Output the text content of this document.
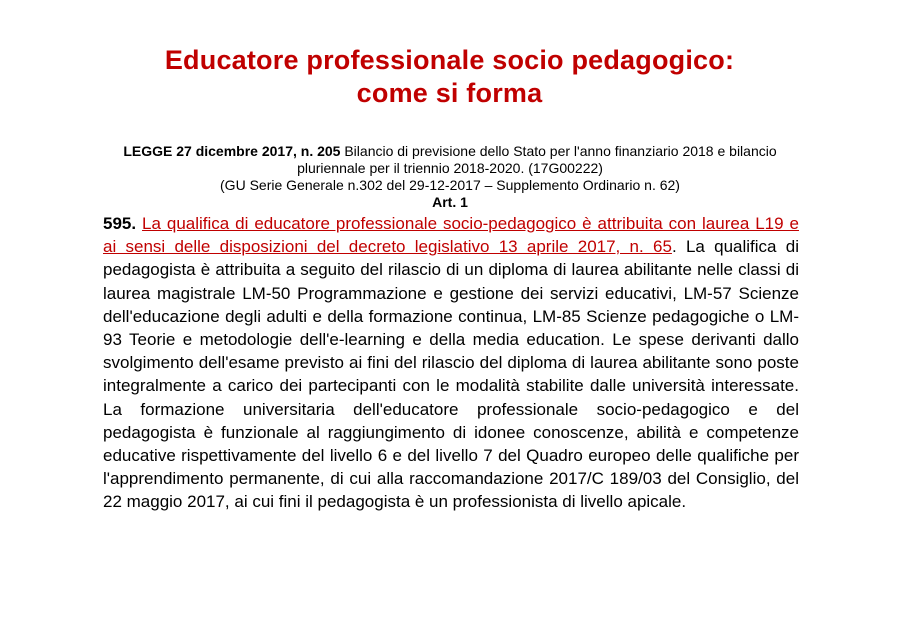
Educatore professionale socio pedagogico:
come si forma
LEGGE 27 dicembre 2017, n. 205 Bilancio di previsione dello Stato per l'anno finanziario 2018 e bilancio
pluriennale per il triennio 2018-2020. (17G00222)
(GU Serie Generale n.302 del 29-12-2017 – Supplemento Ordinario n. 62)
Art. 1
595. La qualifica di educatore professionale socio-pedagogico è attribuita con laurea L19 e ai sensi delle disposizioni del decreto legislativo 13 aprile 2017, n. 65. La qualifica di pedagogista è attribuita a seguito del rilascio di un diploma di laurea abilitante nelle classi di laurea magistrale LM-50 Programmazione e gestione dei servizi educativi, LM-57 Scienze dell'educazione degli adulti e della formazione continua, LM-85 Scienze pedagogiche o LM-93 Teorie e metodologie dell'e-learning e della media education. Le spese derivanti dallo svolgimento dell'esame previsto ai fini del rilascio del diploma di laurea abilitante sono poste integralmente a carico dei partecipanti con le modalità stabilite dalle università interessate. La formazione universitaria dell'educatore professionale socio-pedagogico e del pedagogista è funzionale al raggiungimento di idonee conoscenze, abilità e competenze educative rispettivamente del livello 6 e del livello 7 del Quadro europeo delle qualifiche per l'apprendimento permanente, di cui alla raccomandazione 2017/C 189/03 del Consiglio, del 22 maggio 2017, ai cui fini il pedagogista è un professionista di livello apicale.
